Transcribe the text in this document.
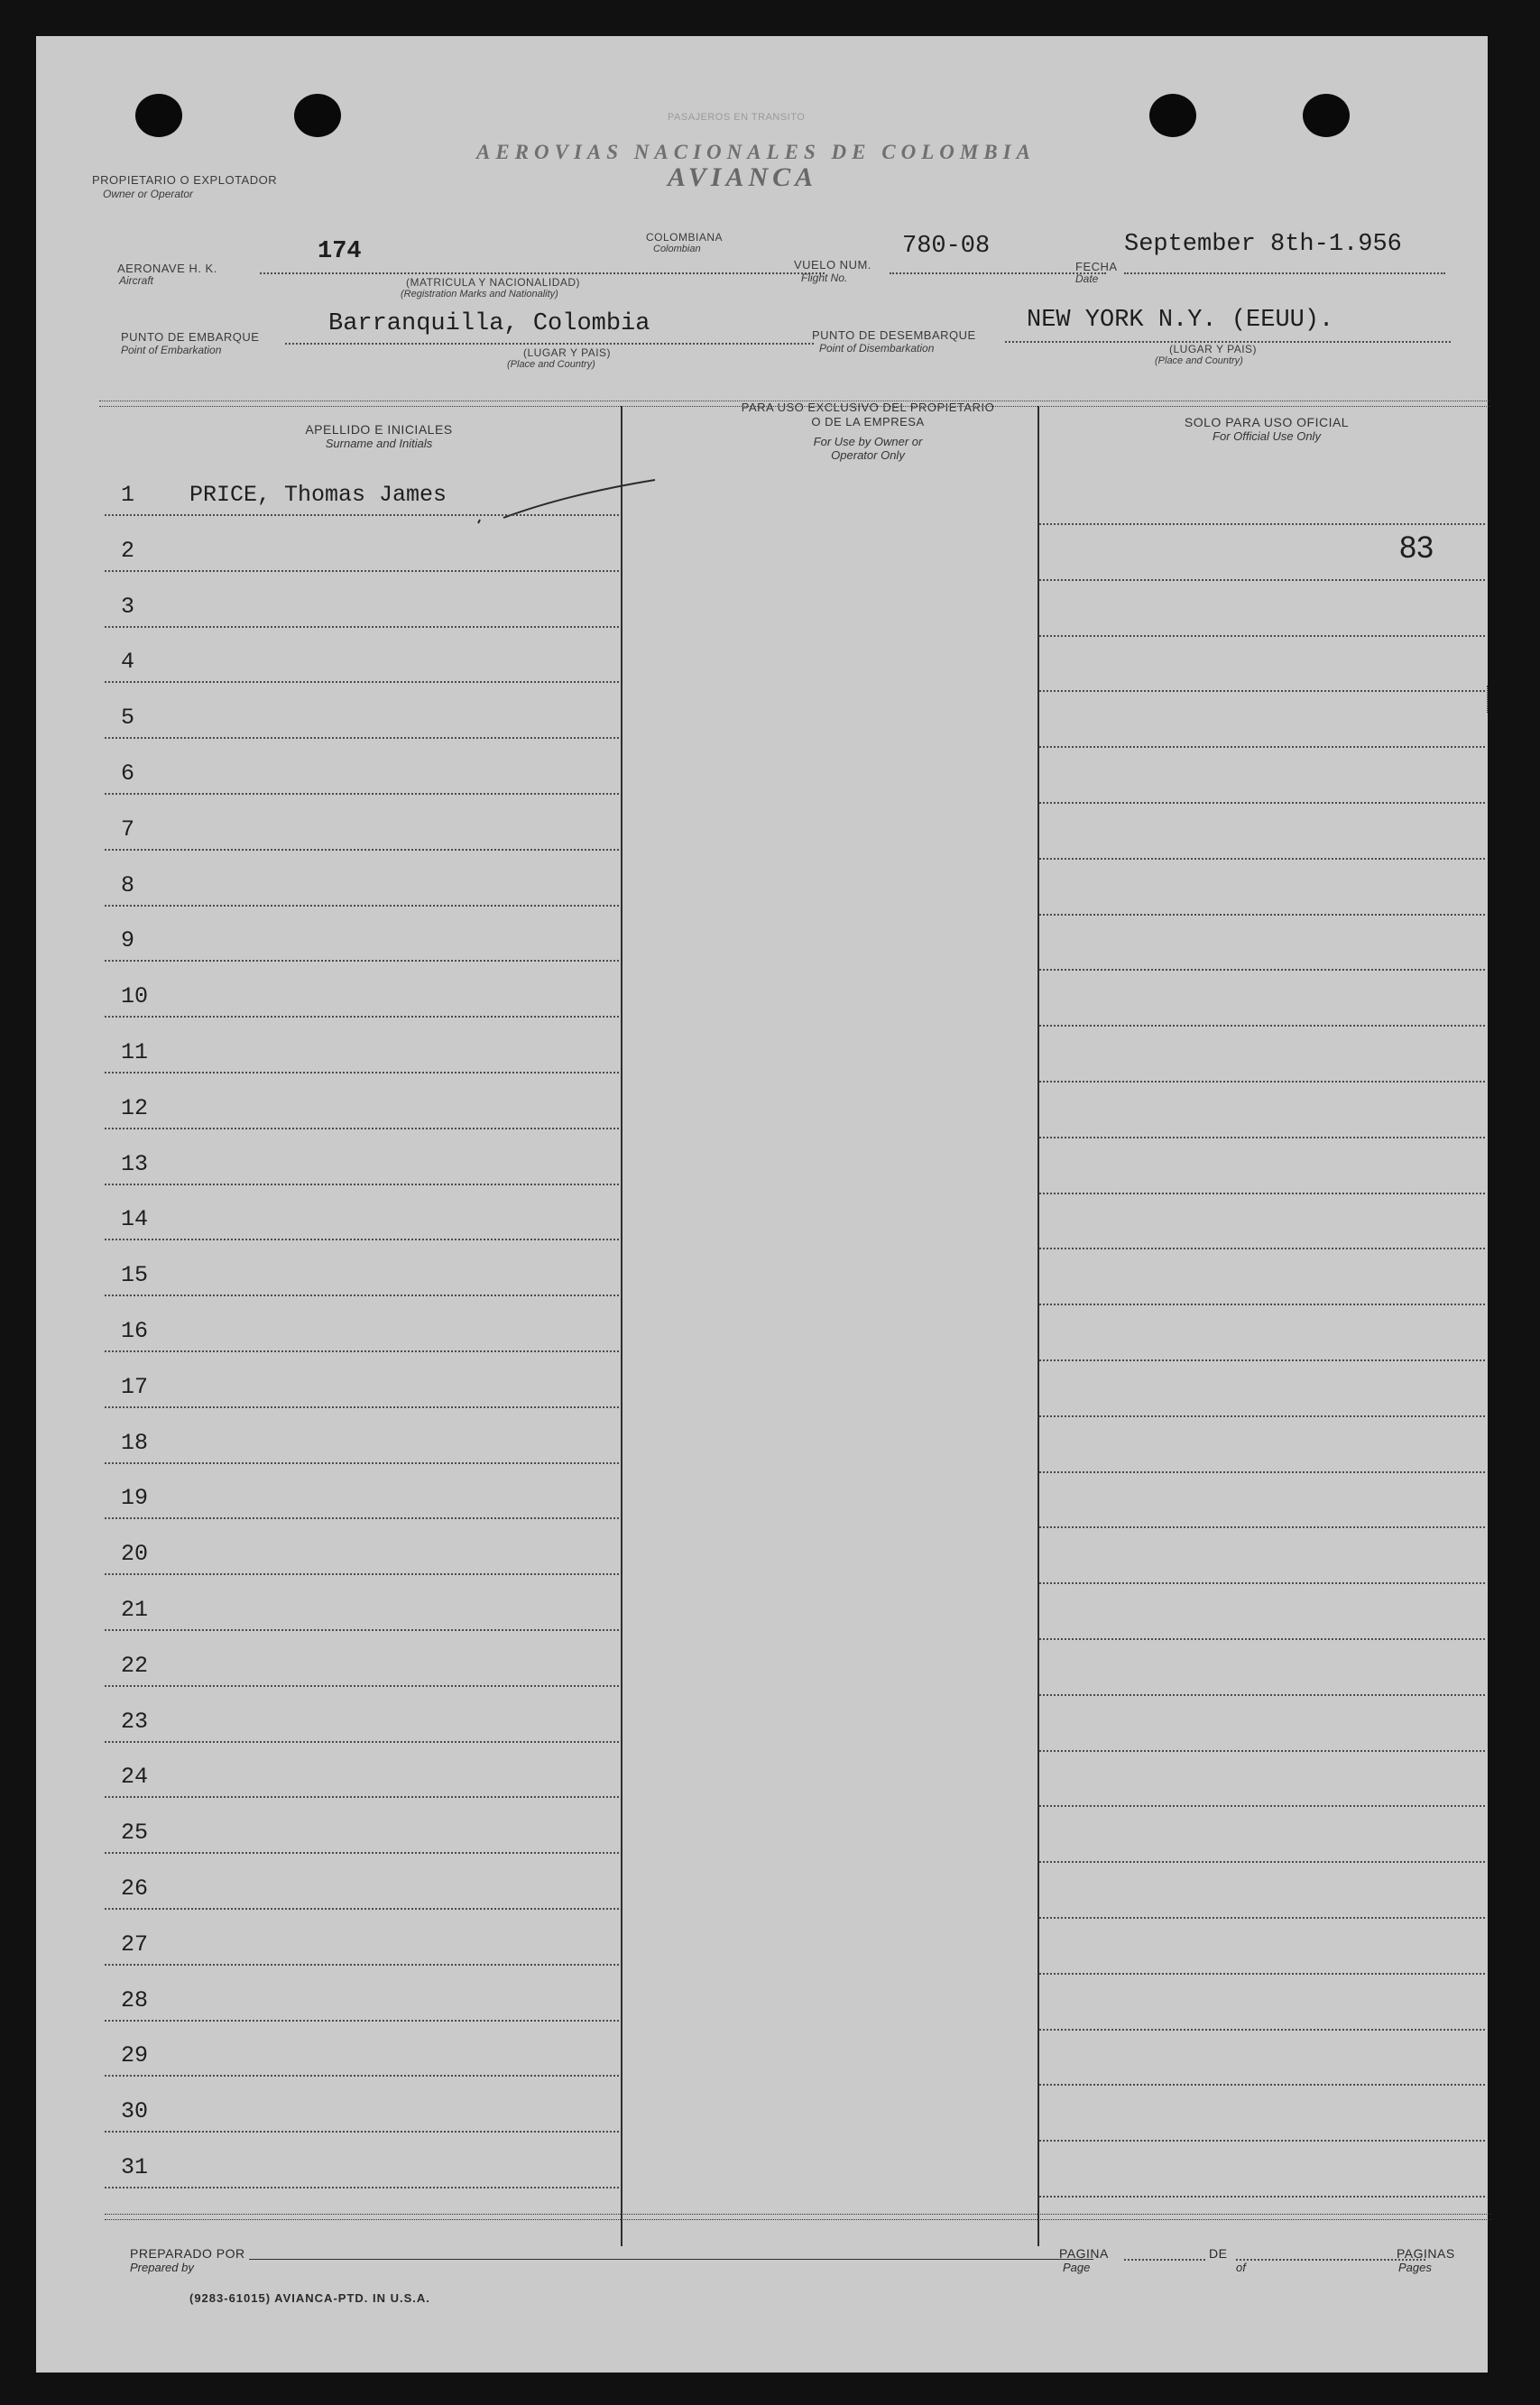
PROPIETARIO O EXPLOTADOR
Owner or Operator
PASAJEROS EN TRANSITO
AEROVIAS NACIONALES DE COLOMBIA
AVIANCA
AERONAVE H. K.
Aircraft
174
COLOMBIANA
Colombian
(MATRICULA Y NACIONALIDAD)
(Registration Marks and Nationality)
VUELO NUM.
Flight No.
780-08
FECHA
Date
September 8th-1.956
PUNTO DE EMBARQUE
Point of Embarkation
Barranquilla, Colombia
(LUGAR Y PAIS)
(Place and Country)
PUNTO DE DESEMBARQUE
Point of Disembarkation
NEW YORK N.Y. (EEUU).
(LUGAR Y PAIS)
(Place and Country)
APELLIDO E INICIALES
Surname and Initials
PARA USO EXCLUSIVO DEL PROPIETARIO
O DE LA EMPRESA
For Use by Owner or
Operator Only
SOLO PARA USO OFICIAL
For Official Use Only
1 PRICE, Thomas James
2	83
3
4
5
6
7
8
9
10
11
12
13
14
15
16
17
18
19
20
21
22
23
24
25
26
27
28
29
30
31
PREPARADO POR
Prepared by
PAGINA
Page
DE
of
PAGINAS
Pages
(9283-61015) AVIANCA-PTD. IN U.S.A.
